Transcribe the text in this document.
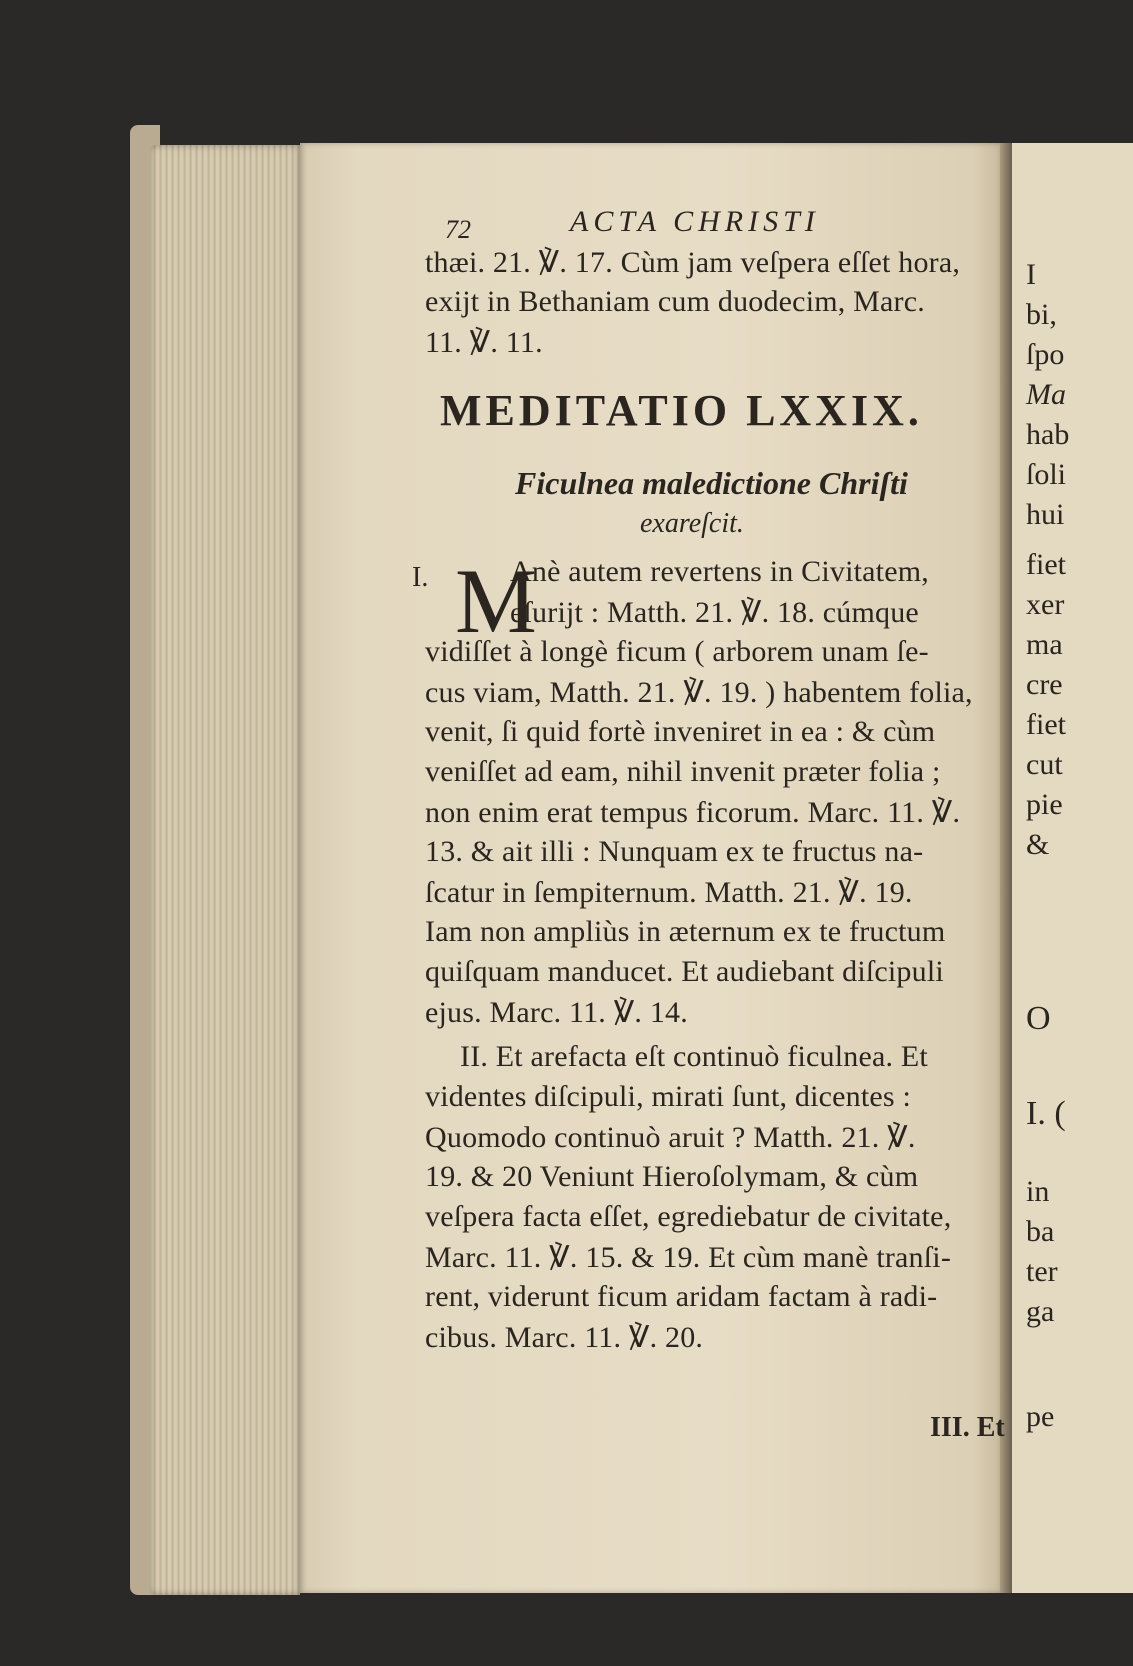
72	ACTA CHRISTI
thæi. 21. ℣. 17. Cùm jam veſpera eſſet hora,
exijt in Bethaniam cum duodecim, Marc.
11. ℣. 11.
MEDITATIO LXXIX.
Ficulnea maledictione Chriſti
exareſcit.
I. M
Anè autem revertens in Civitatem,
eſurijt : Matth. 21. ℣. 18. cúmque
vidiſſet à longè ficum ( arborem unam ſe-
cus viam, Matth. 21. ℣. 19. ) habentem folia,
venit, ſi quid fortè inveniret in ea : & cùm
veniſſet ad eam, nihil invenit præter folia ;
non enim erat tempus ficorum. Marc. 11. ℣.
13. & ait illi : Nunquam ex te fructus na-
ſcatur in ſempiternum. Matth. 21. ℣. 19.
Iam non ampliùs in æternum ex te fructum
quiſquam manducet. Et audiebant diſcipuli
ejus. Marc. 11. ℣. 14.
II. Et arefacta eſt continuò ficulnea. Et
videntes diſcipuli, mirati ſunt, dicentes :
Quomodo continuò aruit ? Matth. 21. ℣.
19. & 20 Veniunt Hieroſolymam, & cùm
veſpera facta eſſet, egrediebatur de civitate,
Marc. 11. ℣. 15. & 19. Et cùm manè tranſi-
rent, viderunt ficum aridam factam à radi-
cibus. Marc. 11. ℣. 20.
III. Et
I
bi,
ſpo
Ma
hab
ſoli
hui
fiet
xer
ma
cre
fiet
cut
pie
&
O
I. (
in
ba
ter
ga
pe
